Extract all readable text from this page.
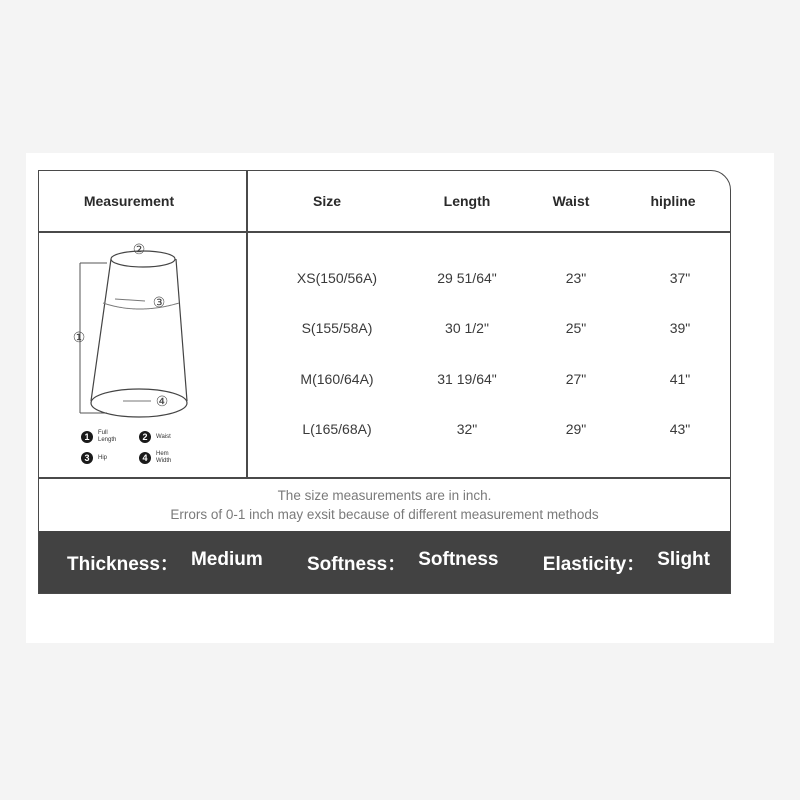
Measurement	Size	Length	Waist	hipline
②
③
①
④
1	Full Length	2	Waist
3	Hip	4	Hem Width
XS(150/56A)	29 51/64"	23"	37"
S(155/58A)	30 1/2"	25"	39"
M(160/64A)	31 19/64"	27"	41"
L(165/68A)	32"	29"	43"
The size measurements are in inch.
Errors of 0-1 inch may exsit because of different measurement methods
Thickness： Medium Softness： Softness Elasticity： Slight
